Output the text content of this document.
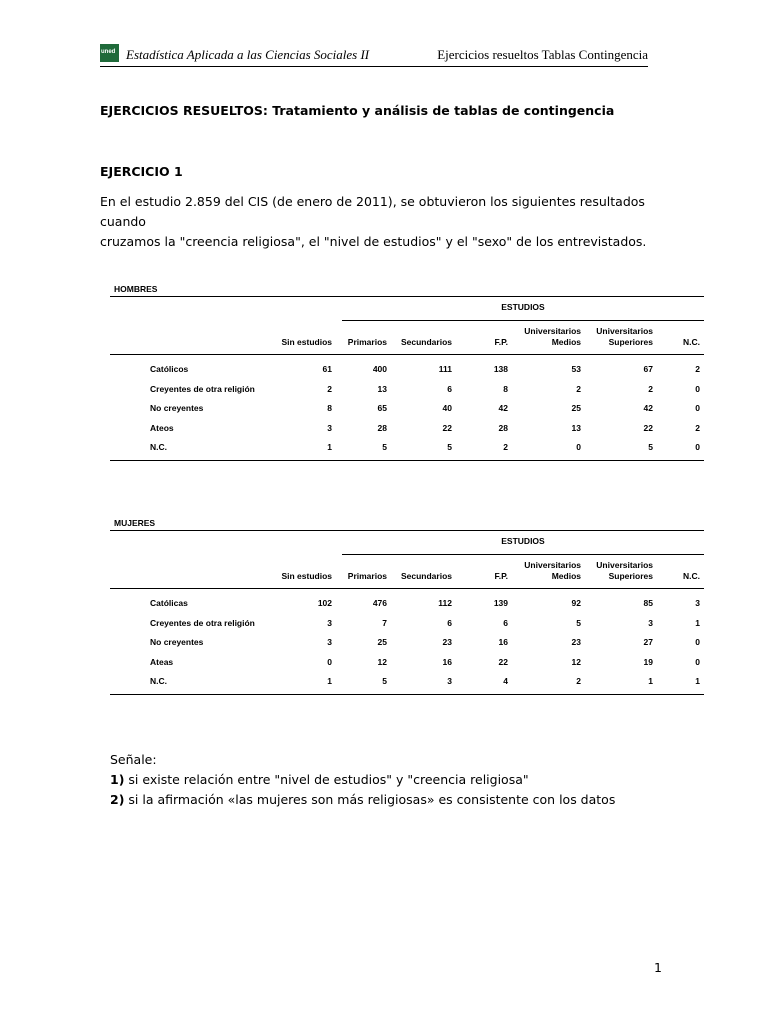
uned Estadística Aplicada a las Ciencias Sociales II	Ejercicios resueltos Tablas Contingencia
EJERCICIOS RESUELTOS: Tratamiento y análisis de tablas de contingencia
EJERCICIO 1
En el estudio 2.859 del CIS (de enero de 2011), se obtuvieron los siguientes resultados cuando
cruzamos la "creencia religiosa", el "nivel de estudios" y el "sexo" de los entrevistados.
HOMBRES
ESTUDIOS
Sin estudios	Primarios	Secundarios	F.P.
Universitarios
Medios
Universitarios
Superiores	N.C.
Católicos	61	400	111	138	53	67	2
Creyentes de otra religión	2	13	6	8	2	2	0
No creyentes	8	65	40	42	25	42	0
Ateos	3	28	22	28	13	22	2
N.C.	1	5	5	2	0	5	0
MUJERES
ESTUDIOS
Sin estudios	Primarios	Secundarios	F.P.
Universitarios
Medios
Universitarios
Superiores	N.C.
Católicas	102	476	112	139	92	85	3
Creyentes de otra religión	3	7	6	6	5	3	1
No creyentes	3	25	23	16	23	27	0
Ateas	0	12	16	22	12	19	0
N.C.	1	5	3	4	2	1	1
Señale:
1) si existe relación entre "nivel de estudios" y "creencia religiosa"
2) si la afirmación «las mujeres son más religiosas» es consistente con los datos
1
